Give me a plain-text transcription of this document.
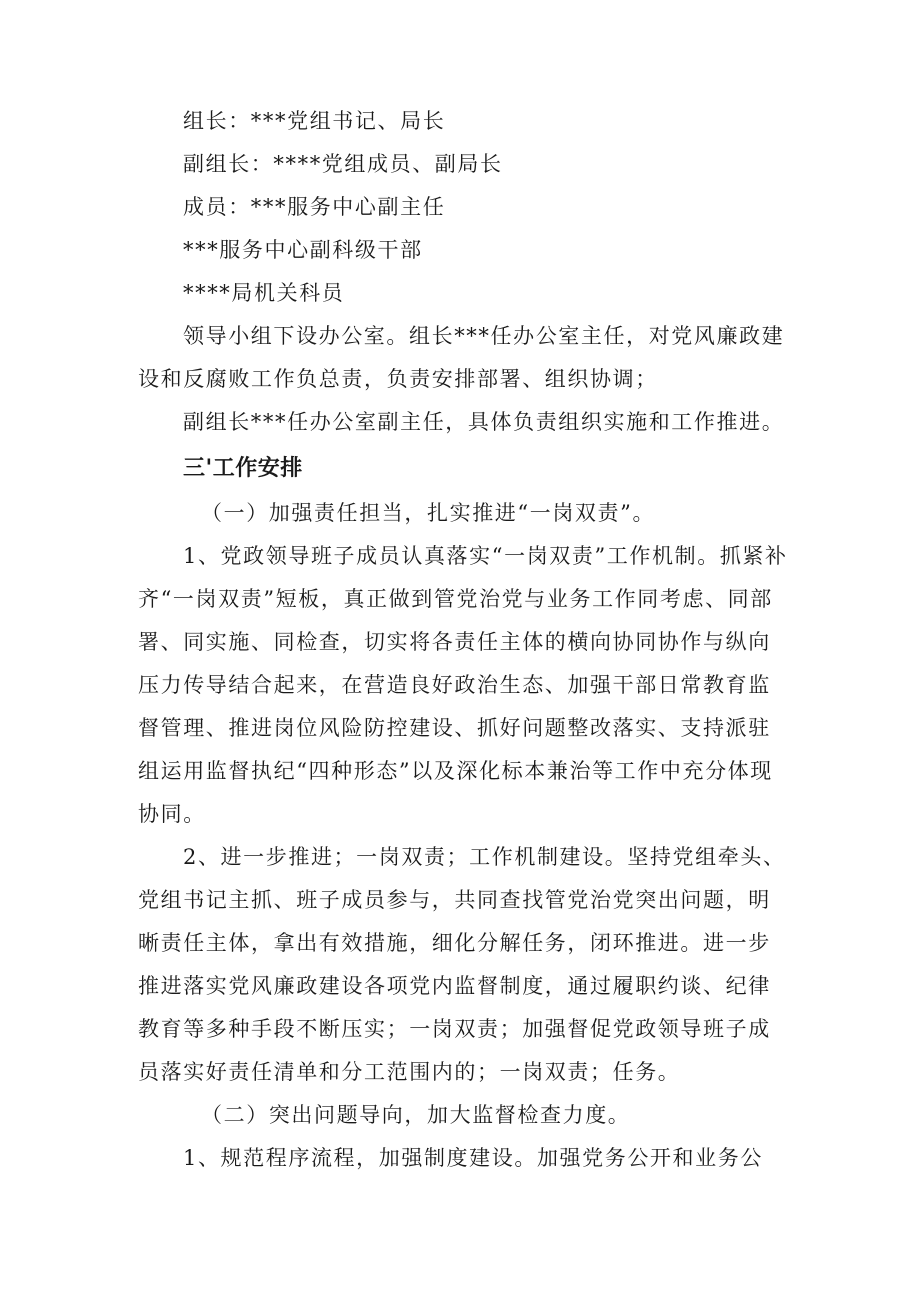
组长：***党组书记、局长

副组长：****党组成员、副局长

成员：***服务中心副主任

***服务中心副科级干部

****局机关科员

领导小组下设办公室。组长***任办公室主任，对党风廉政建设和反腐败工作负总责，负责安排部署、组织协调；

副组长***任办公室副主任，具体负责组织实施和工作推进。

三'工作安排

（一）加强责任担当，扎实推进“一岗双责”。

1、党政领导班子成员认真落实“一岗双责”工作机制。抓紧补齐“一岗双责”短板，真正做到管党治党与业务工作同考虑、同部署、同实施、同检查，切实将各责任主体的横向协同协作与纵向压力传导结合起来，在营造良好政治生态、加强干部日常教育监督管理、推进岗位风险防控建设、抓好问题整改落实、支持派驻组运用监督执纪“四种形态”以及深化标本兼治等工作中充分体现协同。

2、进一步推进；一岗双责；工作机制建设。坚持党组牵头、党组书记主抓、班子成员参与，共同查找管党治党突出问题，明晰责任主体，拿出有效措施，细化分解任务，闭环推进。进一步推进落实党风廉政建设各项党内监督制度，通过履职约谈、纪律教育等多种手段不断压实；一岗双责；加强督促党政领导班子成员落实好责任清单和分工范围内的；一岗双责；任务。

（二）突出问题导向，加大监督检查力度。

1、规范程序流程，加强制度建设。加强党务公开和业务公
